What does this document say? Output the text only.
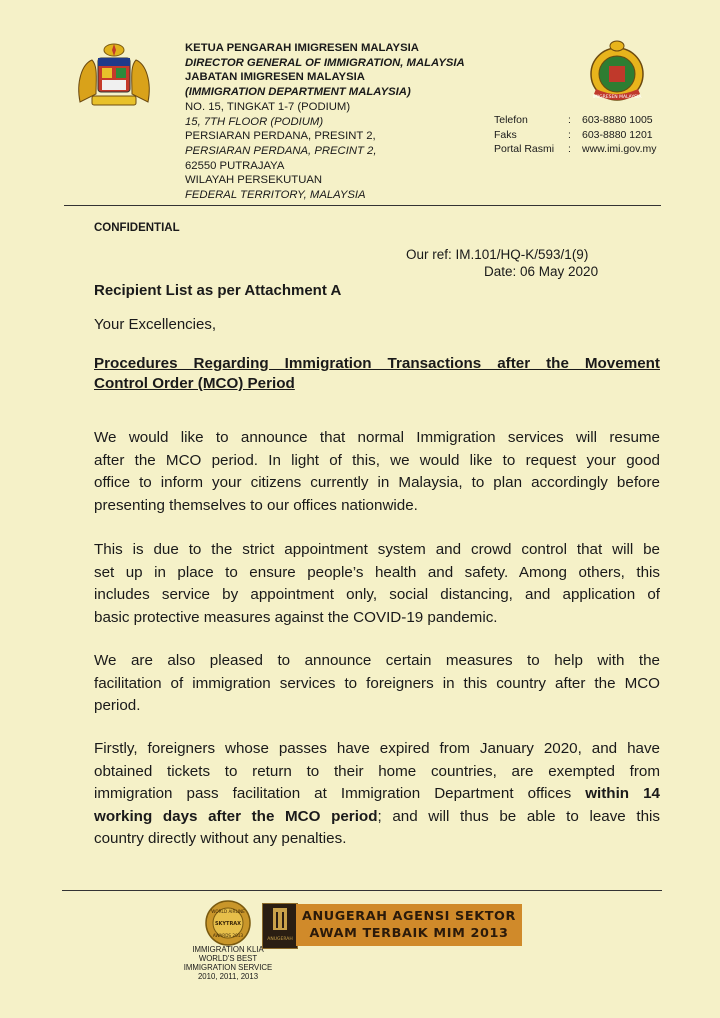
KETUA PENGARAH IMIGRESEN MALAYSIA
DIRECTOR GENERAL OF IMMIGRATION, MALAYSIA
JABATAN IMIGRESEN MALAYSIA
(IMMIGRATION DEPARTMENT MALAYSIA)
NO. 15, TINGKAT 1-7 (PODIUM)
15, 7TH FLOOR (PODIUM)
PERSIARAN PERDANA, PRESINT 2,
PERSIARAN PERDANA, PRECINT 2,
62550 PUTRAJAYA
WILAYAH PERSEKUTUAN
FEDERAL TERRITORY, MALAYSIA
IMIGRESEN MALAYSIA
Telefon	:	603-8880 1005
Faks	:	603-8880 1201
Portal Rasmi	:	www.imi.gov.my
CONFIDENTIAL
Our ref: IM.101/HQ-K/593/1(9)
Date: 06 May 2020
Recipient List as per Attachment A
Your Excellencies,
Procedures Regarding Immigration Transactions after the Movement
Control Order (MCO) Period
We would like to announce that normal Immigration services will resume
after the MCO period. In light of this, we would like to request your good
office to inform your citizens currently in Malaysia, to plan accordingly before
presenting themselves to our offices nationwide.
This is due to the strict appointment system and crowd control that will be
set up in place to ensure people’s health and safety. Among others, this
includes service by appointment only, social distancing, and application of
basic protective measures against the COVID-19 pandemic.
We are also pleased to announce certain measures to help with the
facilitation of immigration services to foreigners in this country after the MCO
period.
Firstly, foreigners whose passes have expired from January 2020, and have
obtained tickets to return to their home countries, are exempted from
immigration pass facilitation at Immigration Department offices within 14
working days after the MCO period; and will thus be able to leave this
country directly without any penalties.
WORLD AIRLINE
SKYTRAX
AWARDS 2013
IMMIGRATION KLIA
WORLD'S BEST
IMMIGRATION SERVICE
2010, 2011, 2013
ANUGERAH
ANUGERAH AGENSI SEKTOR
AWAM TERBAIK MIM 2013
